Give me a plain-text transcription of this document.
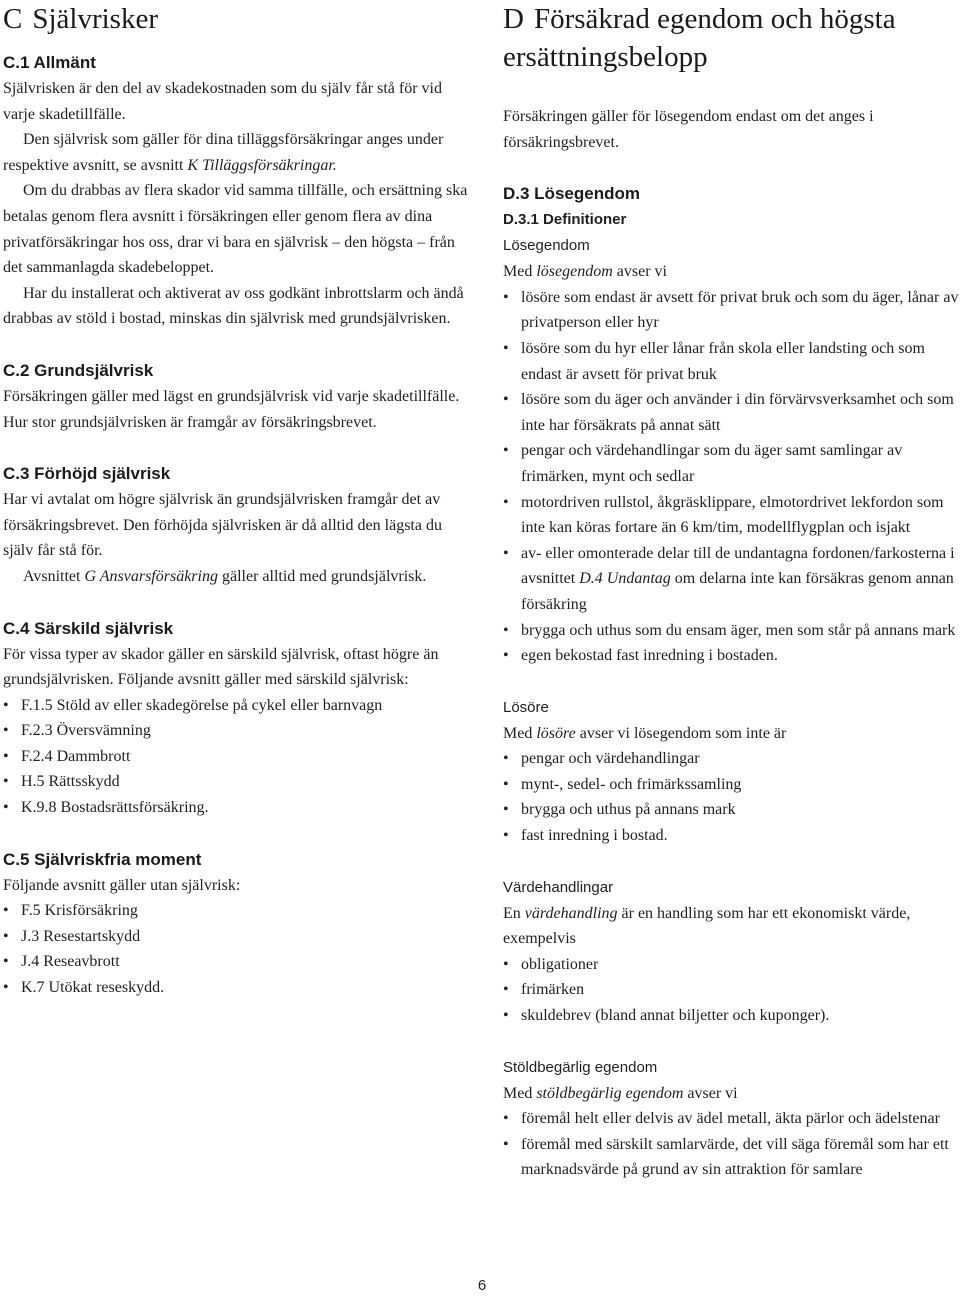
C Självrisker
C.1 Allmänt

Självrisken är den del av skadekostnaden som du själv får stå för vid varje skadetillfälle.

Den självrisk som gäller för dina tilläggsförsäkringar anges under respektive avsnitt, se avsnitt K Tilläggsförsäkringar.

Om du drabbas av flera skador vid samma tillfälle, och ersättning ska betalas genom flera avsnitt i försäkringen eller genom flera av dina privatförsäkringar hos oss, drar vi bara en självrisk – den högsta – från det sammanlagda skadebeloppet.

Har du installerat och aktiverat av oss godkänt inbrottslarm och ändå drabbas av stöld i bostad, minskas din självrisk med grundsjälvrisken.

C.2 Grundsjälvrisk

Försäkringen gäller med lägst en grundsjälvrisk vid varje skadetillfälle. Hur stor grundsjälvrisken är framgår av försäkringsbrevet.

C.3 Förhöjd självrisk

Har vi avtalat om högre självrisk än grundsjälvrisken framgår det av försäkringsbrevet. Den förhöjda självrisken är då alltid den lägsta du själv får stå för.

Avsnittet G Ansvarsförsäkring gäller alltid med grundsjälvrisk.

C.4 Särskild självrisk

För vissa typer av skador gäller en särskild självrisk, oftast högre än grundsjälvrisken. Följande avsnitt gäller med särskild självrisk:

• F.1.5 Stöld av eller skadegörelse på cykel eller barnvagn
• F.2.3 Översvämning
• F.2.4 Dammbrott
• H.5 Rättsskydd
• K.9.8 Bostadsrättsförsäkring.
C.5 Självriskfria moment

Följande avsnitt gäller utan självrisk:

• F.5 Krisförsäkring
• J.3 Resestartskydd
• J.4 Reseavbrott
• K.7 Utökat reseskydd.
D Försäkrad egendom och högsta ersättningsbelopp

Försäkringen gäller för lösegendom endast om det anges i försäkringsbrevet.

D.3 Lösegendom
D.3.1 Definitioner
Lösegendom

Med lösegendom avser vi

• lösöre som endast är avsett för privat bruk och som du äger, lånar av privatperson eller hyr
• lösöre som du hyr eller lånar från skola eller landsting och som endast är avsett för privat bruk
• lösöre som du äger och använder i din förvärvsverksamhet och som inte har försäkrats på annat sätt
• pengar och värdehandlingar som du äger samt samlingar av frimärken, mynt och sedlar
• motordriven rullstol, åkgräsklippare, elmotordrivet lekfordon som inte kan köras fortare än 6 km/tim, modellflygplan och isjakt
• av- eller omonterade delar till de undantagna fordonen/farkosterna i avsnittet D.4 Undantag om delarna inte kan försäkras genom annan försäkring
• brygga och uthus som du ensam äger, men som står på annans mark
• egen bekostad fast inredning i bostaden.
Lösöre

Med lösöre avser vi lösegendom som inte är

• pengar och värdehandlingar
• mynt-, sedel- och frimärkssamling
• brygga och uthus på annans mark
• fast inredning i bostad.
Värdehandlingar

En värdehandling är en handling som har ett ekonomiskt värde, exempelvis

• obligationer
• frimärken
• skuldebrev (bland annat biljetter och kuponger).
Stöldbegärlig egendom

Med stöldbegärlig egendom avser vi

• föremål helt eller delvis av ädel metall, äkta pärlor och ädelstenar
• föremål med särskilt samlarvärde, det vill säga föremål som har ett marknadsvärde på grund av sin attraktion för samlare
6
